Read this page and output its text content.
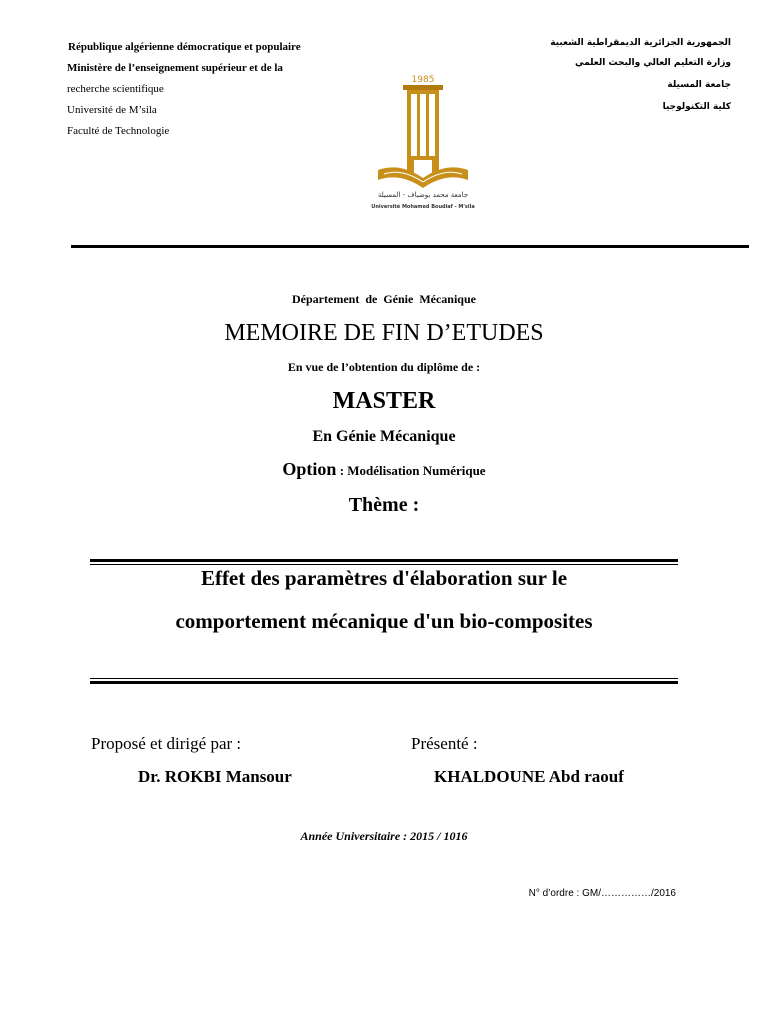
République algérienne démocratique et populaire
Ministère de l’enseignement supérieur et de la
recherche scientifique
Université de M’sila
Faculté de Technologie
الجمهورية الجزائرية الديمقراطية الشعبية
وزارة التعليم العالي والبحث العلمي
جامعة المسيلة
كلية التكنولوجيا
1985
جامعة محمد بوضياف - المسيلة
Université Mohamed Boudiaf - M'sila
Département de Génie Mécanique
MEMOIRE DE FIN D’ETUDES
En vue de l’obtention du diplôme de :
MASTER
En Génie Mécanique
Option : Modélisation Numérique
Thème :
Effet des paramètres d'élaboration sur le
comportement mécanique d'un bio-composites
Proposé et dirigé par :	Présenté :
Dr. ROKBI Mansour	KHALDOUNE Abd raouf
Année Universitaire : 2015 / 1016
N° d’ordre : GM/……………/2016
